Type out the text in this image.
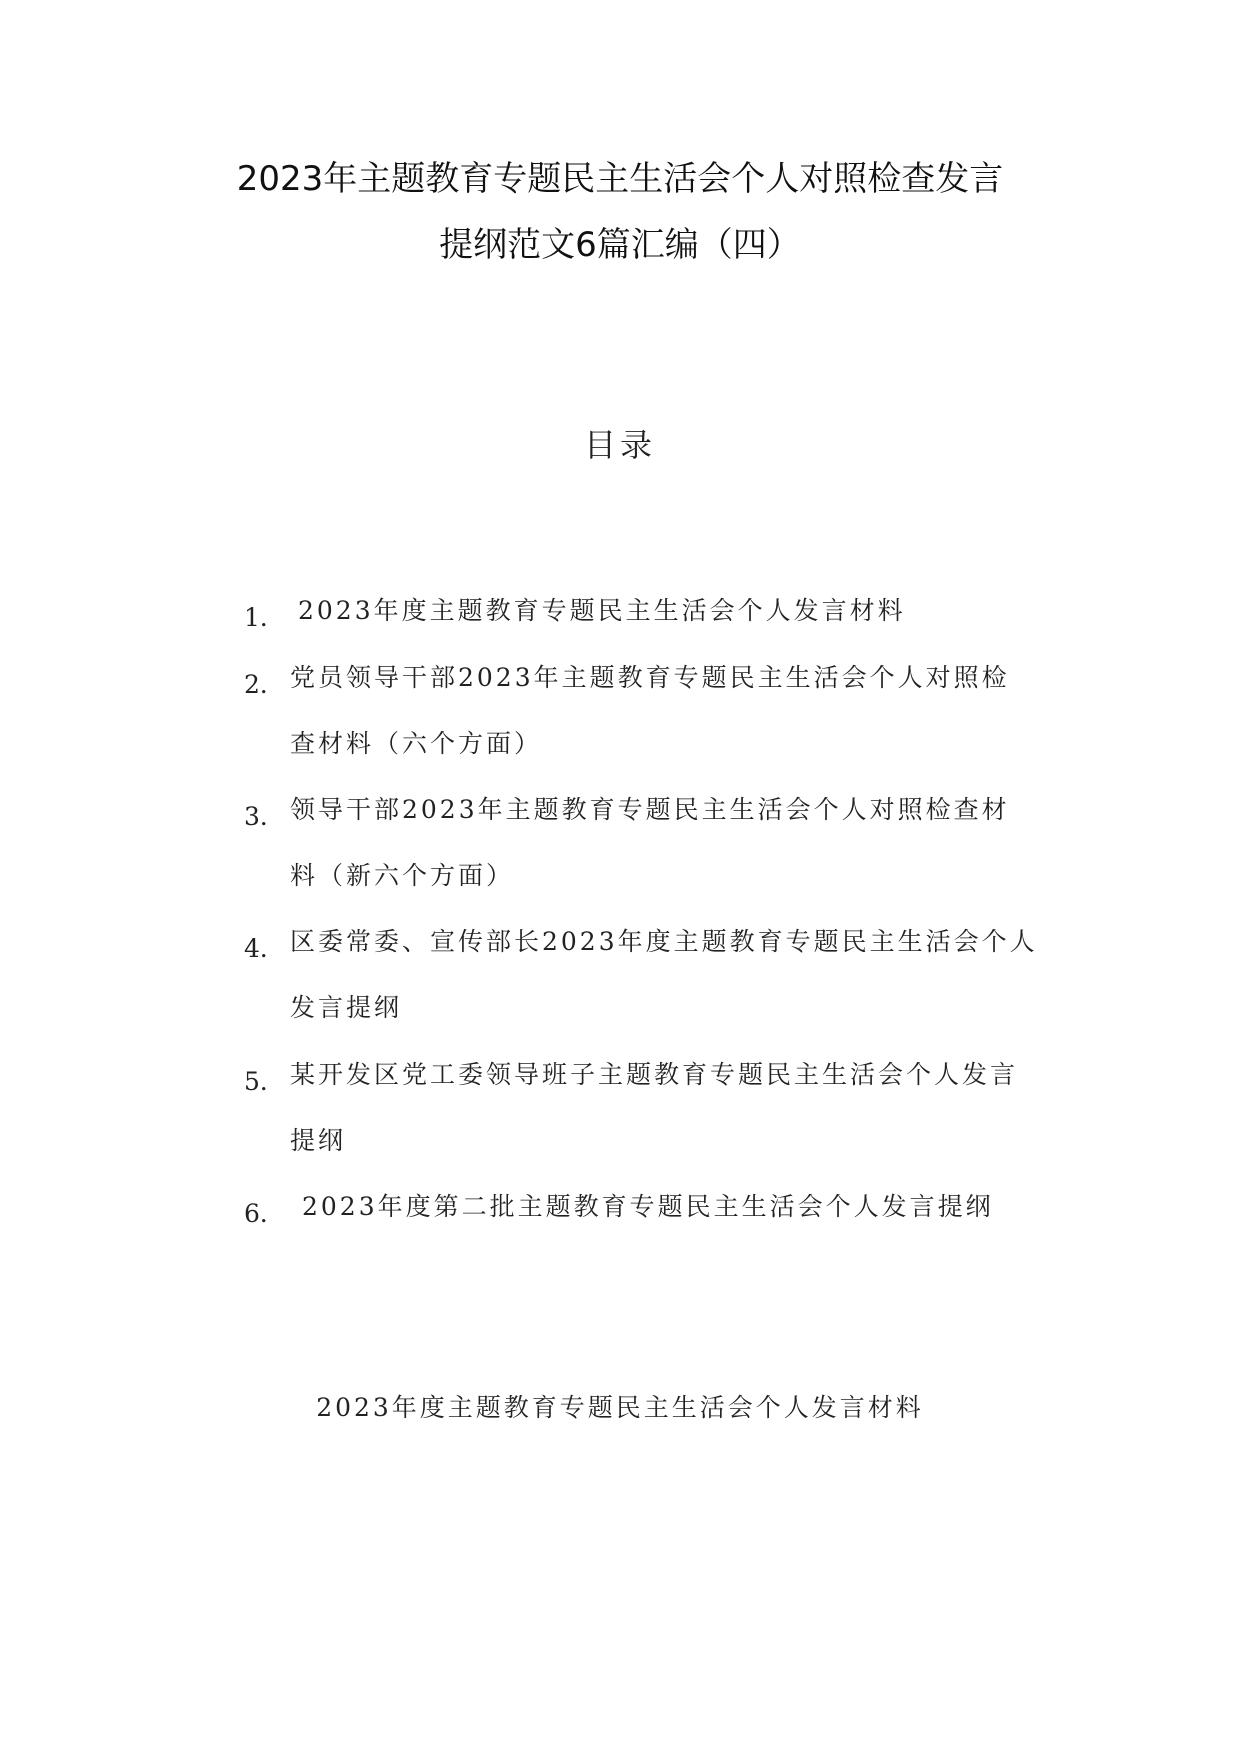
2023年主题教育专题民主生活会个人对照检查发言
提纲范文6篇汇编（四）
目录
1． 2023年度主题教育专题民主生活会个人发言材料
2． 党员领导干部2023年主题教育专题民主生活会个人对照检
查材料（六个方面）
3． 领导干部2023年主题教育专题民主生活会个人对照检查材
料（新六个方面）
4． 区委常委、宣传部长2023年度主题教育专题民主生活会个人
发言提纲
5． 某开发区党工委领导班子主题教育专题民主生活会个人发言
提纲
6． 2023年度第二批主题教育专题民主生活会个人发言提纲
2023年度主题教育专题民主生活会个人发言材料
